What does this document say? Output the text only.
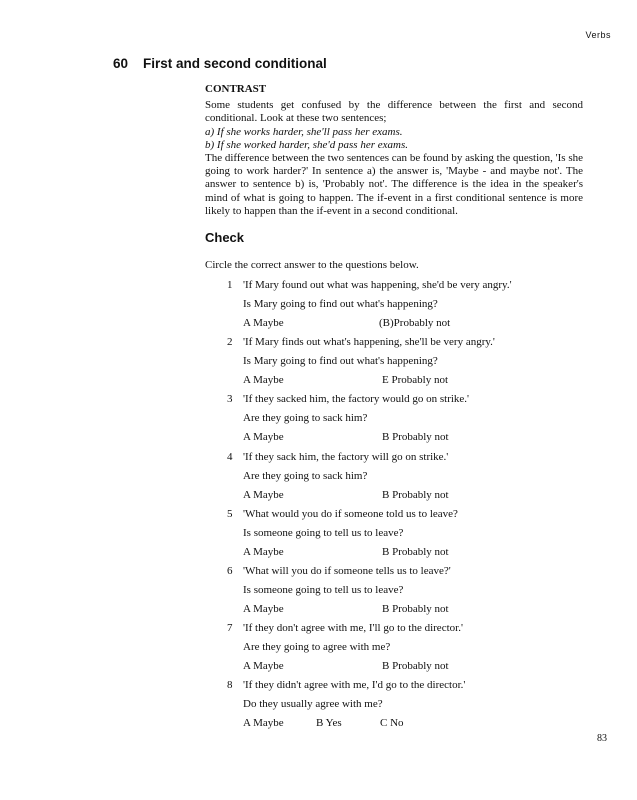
Verbs
60 First and second conditional
CONTRAST

Some students get confused by the difference between the first and second conditional. Look at these two sentences;

a) If she works harder, she'll pass her exams.

b) If she worked harder, she'd pass her exams.

The difference between the two sentences can be found by asking the question, 'Is she going to work harder?' In sentence a) the answer is, 'Maybe - and maybe not'. The answer to sentence b) is, 'Probably not'. The difference is the idea in the speaker's mind of what is going to happen. The if-event in a first conditional sentence is more likely to happen than the if-event in a second conditional.

Check
Circle the correct answer to the questions below.
1 'If Mary found out what was happening, she'd be very angry.'
Is Mary going to find out what's happening?
A Maybe	(B)Probably not
2 'If Mary finds out what's happening, she'll be very angry.'
Is Mary going to find out what's happening?
A Maybe	E Probably not
3 'If they sacked him, the factory would go on strike.'
Are they going to sack him?
A Maybe	B Probably not
4 'If they sack him, the factory will go on strike.'
Are they going to sack him?
A Maybe	B Probably not
5 'What would you do if someone told us to leave?
Is someone going to tell us to leave?
A Maybe	B Probably not
6 'What will you do if someone tells us to leave?'
Is someone going to tell us to leave?
A Maybe	B Probably not
7 'If they don't agree with me, I'll go to the director.'
Are they going to agree with me?
A Maybe	B Probably not
8 'If they didn't agree with me, I'd go to the director.'
Do they usually agree with me?
A Maybe	B Yes	C No
83
